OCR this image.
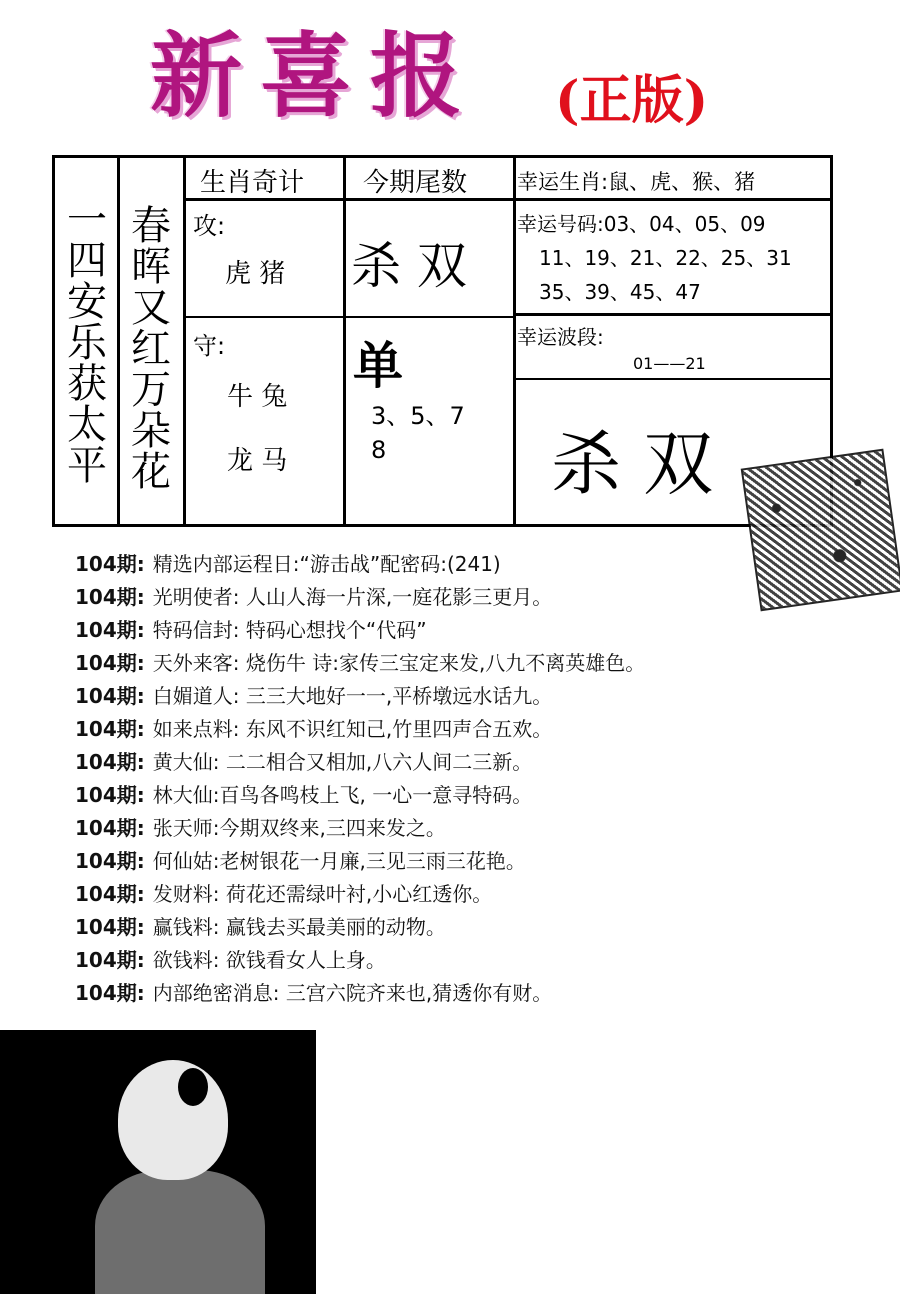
新喜报 (正版)
一四安乐获太平
春晖又红万朵花
生肖奇计 今期尾数 幸运生肖:鼠、虎、猴、猪
攻:
虎 猪
守:
牛 兔
龙 马
杀 双
单
3、5、7
8
幸运号码:03、04、05、09
11、19、21、22、25、31
35、39、45、47
幸运波段:
01——21
杀 双
104期: 精选内部运程日:“游击战”配密码:(241)
104期: 光明使者: 人山人海一片深,一庭花影三更月。
104期: 特码信封: 特码心想找个“代码”
104期: 天外来客: 烧伤牛 诗:家传三宝定来发,八九不离英雄色。
104期: 白媚道人: 三三大地好一一,平桥墩远水话九。
104期: 如来点料: 东风不识红知己,竹里四声合五欢。
104期: 黄大仙: 二二相合又相加,八六人间二三新。
104期: 林大仙:百鸟各鸣枝上飞, 一心一意寻特码。
104期: 张天师:今期双终来,三四来发之。
104期: 何仙姑:老树银花一月廉,三见三雨三花艳。
104期: 发财料: 荷花还需绿叶衬,小心红透你。
104期: 赢钱料: 赢钱去买最美丽的动物。
104期: 欲钱料: 欲钱看女人上身。
104期: 内部绝密消息: 三宫六院齐来也,猜透你有财。
